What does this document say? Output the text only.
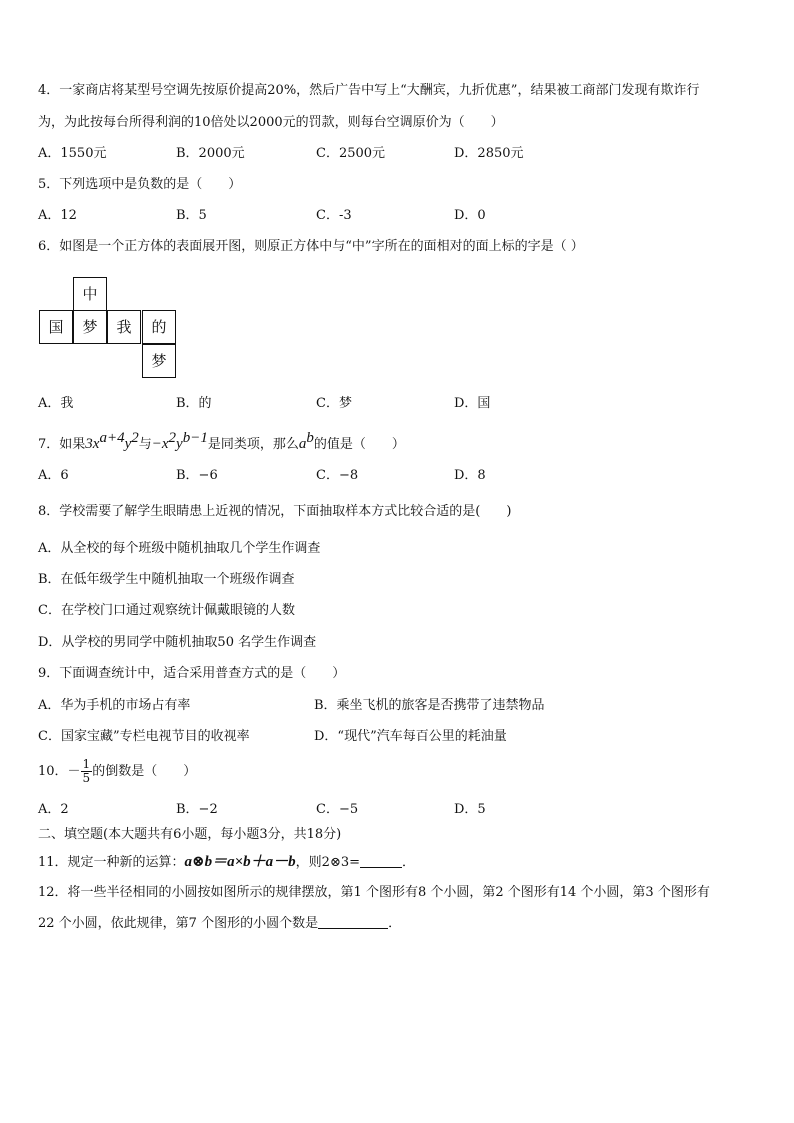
4．一家商店将某型号空调先按原价提高20%，然后广告中写上“大酬宾，九折优惠”，结果被工商部门发现有欺诈行
为，为此按每台所得利润的10倍处以2000元的罚款，则每台空调原价为（　　）
A．1550元	B．2000元	C．2500元	D．2850元
5．下列选项中是负数的是（　　）
A．12	B．5	C．-3	D．0
6．如图是一个正方体的表面展开图，则原正方体中与“中”字所在的面相对的面上标的字是（ ）
中
国	梦	我	的
梦
A．我	B．的	C．梦	D．国
7．如果$3x^{a+4}y^2$与$-x^2y^{b-1}$是同类项，那么$a^b$的值是（　　）
A．6	B．−6	C．−8	D．8
8．学校需要了解学生眼睛患上近视的情况，下面抽取样本方式比较合适的是(　　)
A．从全校的每个班级中随机抽取几个学生作调查
B．在低年级学生中随机抽取一个班级作调查
C．在学校门口通过观察统计佩戴眼镜的人数
D．从学校的男同学中随机抽取50 名学生作调查
9．下面调查统计中，适合采用普查方式的是（　　）
A．华为手机的市场占有率	B．乘坐飞机的旅客是否携带了违禁物品
C．国家宝藏”专栏电视节目的收视率	D．“现代”汽车每百公里的耗油量
10．－ $\frac{1}{5}$ 的倒数是（　　）
A．2	B．−2	C．−5	D．5
二、填空题(本大题共有6小题，每小题3分，共18分)
11．规定一种新的运算：a⊗b＝a×b＋a－b，则2⊗3=	．
12．将一些半径相同的小圆按如图所示的规律摆放，第1 个图形有8 个小圆，第2 个图形有14 个小圆，第3 个图形有
22 个小圆，依此规律，第7 个图形的小圆个数是	．
